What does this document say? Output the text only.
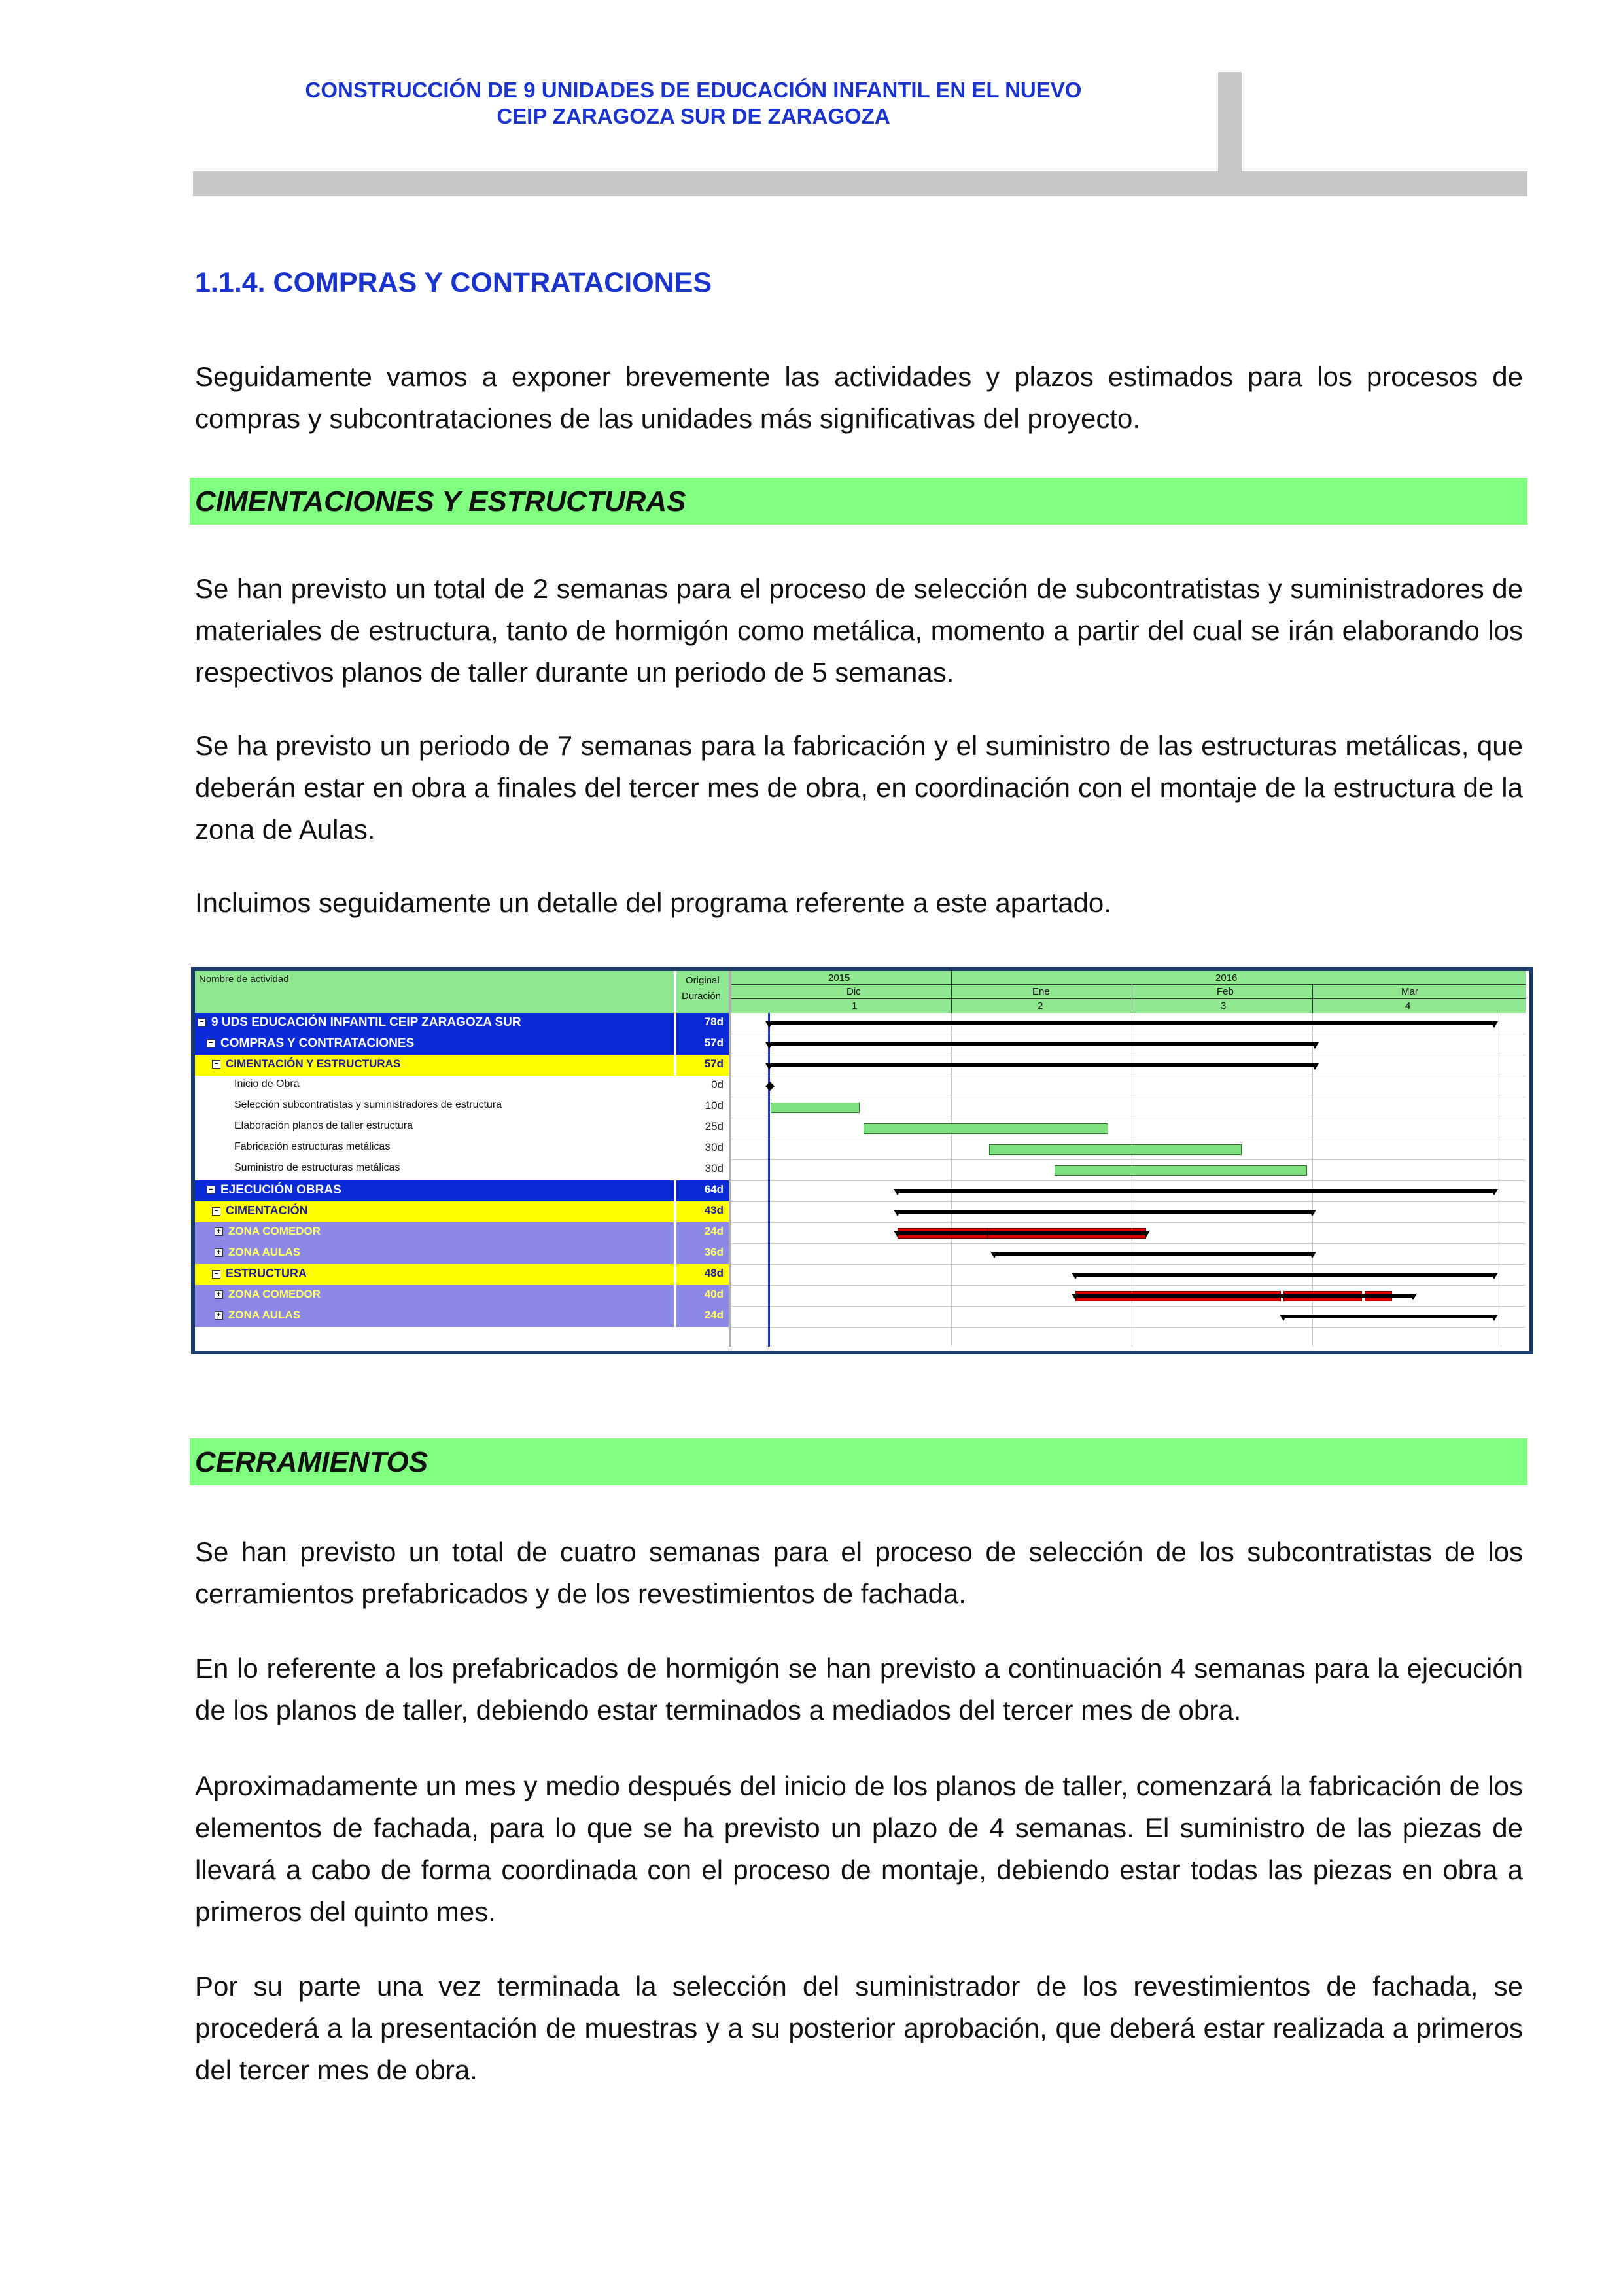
CONSTRUCCIÓN DE 9 UNIDADES DE EDUCACIÓN INFANTIL EN EL NUEVO
CEIP ZARAGOZA SUR DE ZARAGOZA
1.1.4. COMPRAS Y CONTRATACIONES
Seguidamente vamos a exponer brevemente las actividades y plazos estimados para los procesos de compras y subcontrataciones de las unidades más significativas del proyecto.
CIMENTACIONES Y ESTRUCTURAS
Se han previsto un total de 2 semanas para el proceso de selección de subcontratistas y suministradores de materiales de estructura, tanto de hormigón como metálica, momento a partir del cual se irán elaborando los respectivos planos de taller durante un periodo de 5 semanas.
Se ha previsto un periodo de 7 semanas para la fabricación y el suministro de las estructuras metálicas, que deberán estar en obra a finales del tercer mes de obra, en coordinación con el montaje de la estructura de la zona de Aulas.
Incluimos seguidamente un detalle del programa referente a este apartado.
Nombre de actividad	Original
Duración
2015	2016
Dic	Ene	Feb	Mar
1	2	3	4
− 9 UDS EDUCACIÓN INFANTIL CEIP ZARAGOZA SUR	78d
− COMPRAS Y CONTRATACIONES	57d
− CIMENTACIÓN Y ESTRUCTURAS	57d
Inicio de Obra	0d
Selección subcontratistas y suministradores de estructura	10d
Elaboración planos de taller estructura	25d
Fabricación estructuras metálicas	30d
Suministro de estructuras metálicas	30d
− EJECUCIÓN OBRAS	64d
− CIMENTACIÓN	43d
+ ZONA COMEDOR	24d
+ ZONA AULAS	36d
− ESTRUCTURA	48d
+ ZONA COMEDOR	40d
+ ZONA AULAS	24d
CERRAMIENTOS
Se han previsto un total de cuatro semanas para el proceso de selección de los subcontratistas de los cerramientos prefabricados y de los revestimientos de fachada.
En lo referente a los prefabricados de hormigón se han previsto a continuación 4 semanas para la ejecución de los planos de taller, debiendo estar terminados a mediados del tercer mes de obra.
Aproximadamente un mes y medio después del inicio de los planos de taller, comenzará la fabricación de los elementos de fachada, para lo que se ha previsto un plazo de 4 semanas. El suministro de las piezas de llevará a cabo de forma coordinada con el proceso de montaje, debiendo estar todas las piezas en obra a primeros del quinto mes.
Por su parte una vez terminada la selección del suministrador de los revestimientos de fachada, se procederá a la presentación de muestras y a su posterior aprobación, que deberá estar realizada a primeros del tercer mes de obra.
